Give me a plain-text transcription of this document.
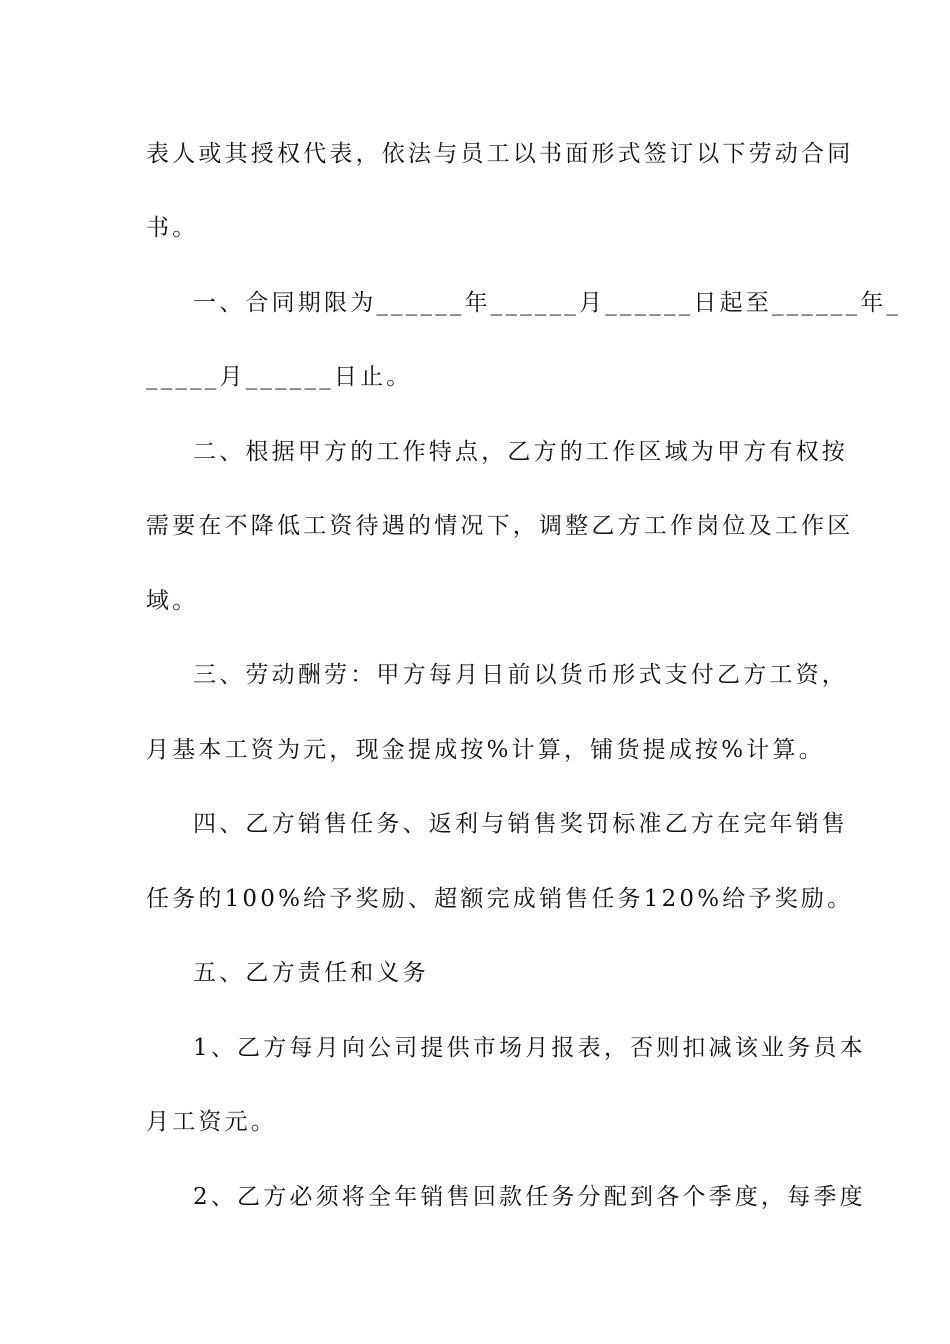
表人或其授权代表，依法与员工以书面形式签订以下劳动合同
书。
一、合同期限为______年______月______日起至______年_
_____月______日止。
二、根据甲方的工作特点，乙方的工作区域为甲方有权按
需要在不降低工资待遇的情况下，调整乙方工作岗位及工作区
域。
三、劳动酬劳：甲方每月日前以货币形式支付乙方工资，
月基本工资为元，现金提成按%计算，铺货提成按%计算。
四、乙方销售任务、返利与销售奖罚标准乙方在完年销售
任务的100%给予奖励、超额完成销售任务120%给予奖励。
五、乙方责任和义务
1、乙方每月向公司提供市场月报表，否则扣减该业务员本
月工资元。
2、乙方必须将全年销售回款任务分配到各个季度，每季度
